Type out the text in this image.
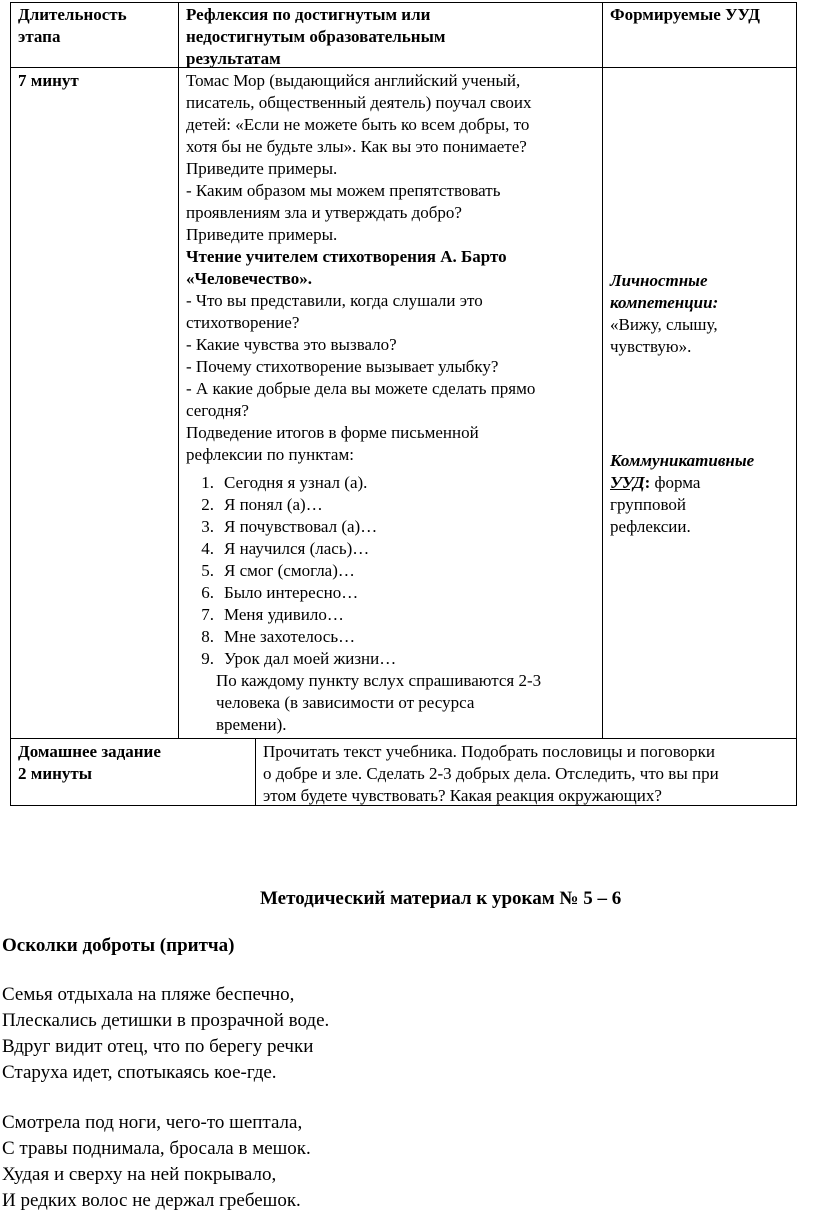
Длительность
этапа
Рефлексия по достигнутым или
недостигнутым образовательным
результатам
Формируемые УУД
7 минут	Томас Мор (выдающийся английский ученый,
писатель, общественный деятель) поучал своих
детей: «Если не можете быть ко всем добры, то
хотя бы не будьте злы». Как вы это понимаете?
Приведите примеры.
- Каким образом мы можем препятствовать
проявлениям зла и утверждать добро?
Приведите примеры.
Чтение учителем стихотворения А. Барто
«Человечество».
- Что вы представили, когда слушали это
стихотворение?
- Какие чувства это вызвало?
- Почему стихотворение вызывает улыбку?
- А какие добрые дела вы можете сделать прямо
сегодня?
Подведение итогов в форме письменной
рефлексии по пунктам:
1. Сегодня я узнал (а).
2. Я понял (а)…
3. Я почувствовал (а)…
4. Я научился (лась)…
5. Я смог (смогла)…
6. Было интересно…
7. Меня удивило…
8. Мне захотелось…
9. Урок дал моей жизни…
По каждому пункту вслух спрашиваются 2-3
человека (в зависимости от ресурса
времени).
Личностные
компетенции:
«Вижу, слышу,
чувствую».
Коммуникативные
УУД: форма
групповой
рефлексии.
Домашнее задание
2 минуты
Прочитать текст учебника. Подобрать пословицы и поговорки
о добре и зле. Сделать 2-3 добрых дела. Отследить, что вы при
этом будете чувствовать? Какая реакция окружающих?
Методический материал к урокам № 5 – 6
Осколки доброты (притча)
Семья отдыхала на пляже беспечно,
Плескались детишки в прозрачной воде.
Вдруг видит отец, что по берегу речки
Старуха идет, спотыкаясь кое-где.
Смотрела под ноги, чего-то шептала,
С травы поднимала, бросала в мешок.
Худая и сверху на ней покрывало,
И редких волос не держал гребешок.
